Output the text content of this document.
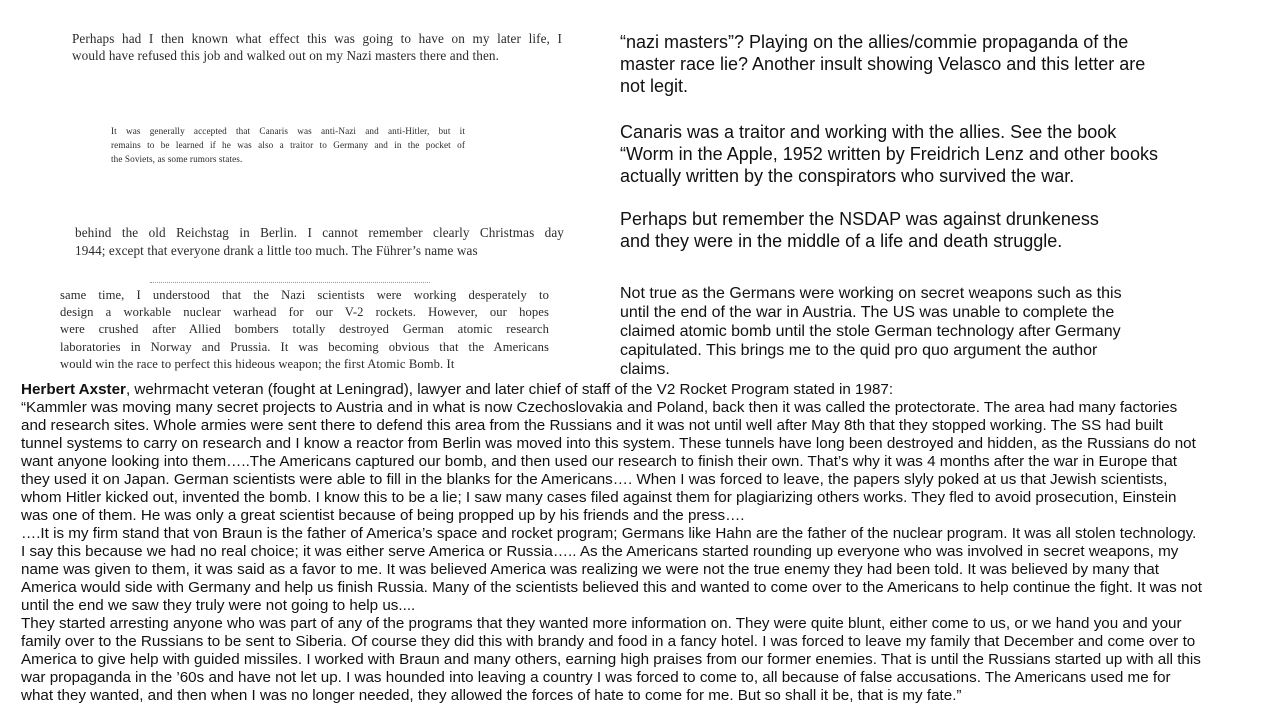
Perhaps had I then known what effect this was going to have on my later life, I
would have refused this job and walked out on my Nazi masters there and then.
It was generally accepted that Canaris was anti-Nazi and anti-Hitler, but it
remains to be learned if he was also a traitor to Germany and in the pocket of
the Soviets, as some rumors states.
behind the old Reichstag in Berlin. I cannot remember clearly Christmas day
1944; except that everyone drank a little too much. The Führer’s name was
same time, I understood that the Nazi scientists were working desperately to
design a workable nuclear warhead for our V-2 rockets. However, our hopes
were crushed after Allied bombers totally destroyed German atomic research
laboratories in Norway and Prussia. It was becoming obvious that the Americans
would win the race to perfect this hideous weapon; the first Atomic Bomb. It
“nazi masters”? Playing on the allies/commie propaganda of the
master race lie? Another insult showing Velasco and this letter are
not legit.
Canaris was a traitor and working with the allies. See the book
“Worm in the Apple, 1952 written by Freidrich Lenz and other books
actually written by the conspirators who survived the war.
Perhaps but remember the NSDAP was against drunkeness
and they were in the middle of a life and death struggle.
Not true as the Germans were working on secret weapons such as this
until the end of the war in Austria. The US was unable to complete the
claimed atomic bomb until the stole German technology after Germany
capitulated. This brings me to the quid pro quo argument the author
claims.
Herbert Axster, wehrmacht veteran (fought at Leningrad), lawyer and later chief of staff of the V2 Rocket Program stated in 1987:
“Kammler was moving many secret projects to Austria and in what is now Czechoslovakia and Poland, back then it was called the protectorate. The area had many factories
and research sites. Whole armies were sent there to defend this area from the Russians and it was not until well after May 8th that they stopped working. The SS had built
tunnel systems to carry on research and I know a reactor from Berlin was moved into this system. These tunnels have long been destroyed and hidden, as the Russians do not
want anyone looking into them…..The Americans captured our bomb, and then used our research to finish their own. That’s why it was 4 months after the war in Europe that
they used it on Japan. German scientists were able to fill in the blanks for the Americans…. When I was forced to leave, the papers slyly poked at us that Jewish scientists,
whom Hitler kicked out, invented the bomb. I know this to be a lie; I saw many cases filed against them for plagiarizing others works. They fled to avoid prosecution, Einstein
was one of them. He was only a great scientist because of being propped up by his friends and the press….
….It is my firm stand that von Braun is the father of America’s space and rocket program; Germans like Hahn are the father of the nuclear program. It was all stolen technology.
I say this because we had no real choice; it was either serve America or Russia….. As the Americans started rounding up everyone who was involved in secret weapons, my
name was given to them, it was said as a favor to me. It was believed America was realizing we were not the true enemy they had been told. It was believed by many that
America would side with Germany and help us finish Russia. Many of the scientists believed this and wanted to come over to the Americans to help continue the fight. It was not
until the end we saw they truly were not going to help us....
They started arresting anyone who was part of any of the programs that they wanted more information on. They were quite blunt, either come to us, or we hand you and your
family over to the Russians to be sent to Siberia. Of course they did this with brandy and food in a fancy hotel. I was forced to leave my family that December and come over to
America to give help with guided missiles. I worked with Braun and many others, earning high praises from our former enemies. That is until the Russians started up with all this
war propaganda in the ’60s and have not let up. I was hounded into leaving a country I was forced to come to, all because of false accusations. The Americans used me for
what they wanted, and then when I was no longer needed, they allowed the forces of hate to come for me. But so shall it be, that is my fate.”
